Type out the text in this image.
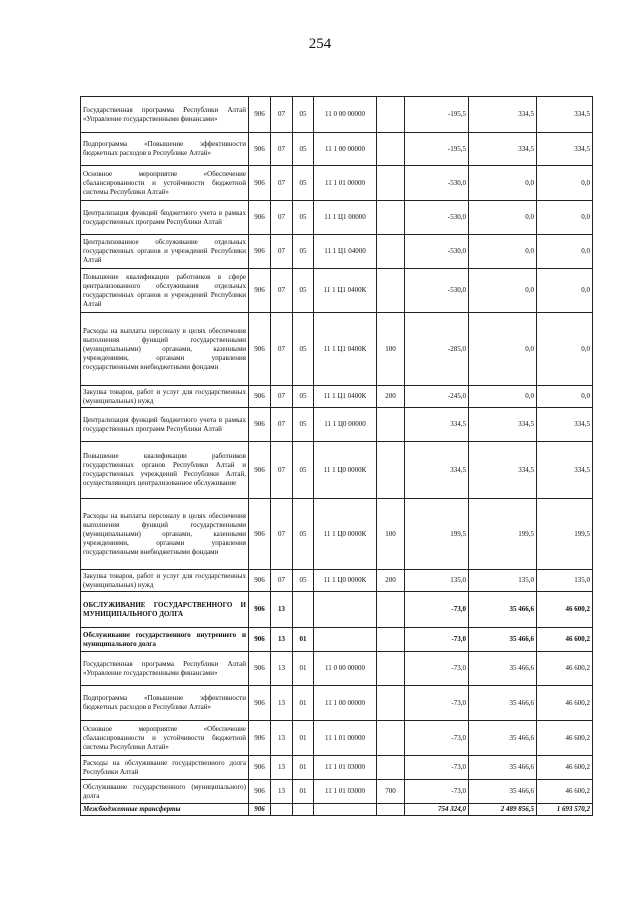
254
Государственная программа Республики Алтай «Управление государственными финансами»	906	07	05	11 0 00 00000		-195,5	334,5	334,5
Подпрограмма «Повышение эффективности бюджетных расходов в Республике Алтай»	906	07	05	11 1 00 00000		-195,5	334,5	334,5
Основное мероприятие «Обеспечение сбалансированности и устойчивости бюджетной системы Республики Алтай»	906	07	05	11 1 01 00000		-530,0	0,0	0,0
Централизация функций бюджетного учета в рамках государственных программ Республики Алтай	906	07	05	11 1 Ц1 00000		-530,0	0,0	0,0
Централизованное обслуживание отдельных государственных органов и учреждений Республики Алтай	906	07	05	11 1 Ц1 04000		-530,0	0,0	0,0
Повышение квалификации работников в сфере централизованного обслуживания отдельных государственных органов и учреждений Республики Алтай	906	07	05	11 1 Ц1 0400К		-530,0	0,0	0,0
Расходы на выплаты персоналу в целях обеспечения выполнения функций государственными (муниципальными) органами, казенными учреждениями, органами управления государственными внебюджетными фондами	906	07	05	11 1 Ц1 0400К	100	-285,0	0,0	0,0
Закупка товаров, работ и услуг для государственных (муниципальных) нужд	906	07	05	11 1 Ц1 0400К	200	-245,0	0,0	0,0
Централизация функций бюджетного учета в рамках государственных программ Республики Алтай	906	07	05	11 1 Ц0 00000		334,5	334,5	334,5
Повышение квалификации работников государственных органов Республики Алтай и государственных учреждений Республики Алтай, осуществляющих централизованное обслуживание	906	07	05	11 1 Ц0 0000К		334,5	334,5	334,5
Расходы на выплаты персоналу в целях обеспечения выполнения функций государственными (муниципальными) органами, казенными учреждениями, органами управления государственными внебюджетными фондами	906	07	05	11 1 Ц0 0000К	100	199,5	199,5	199,5
Закупка товаров, работ и услуг для государственных (муниципальных) нужд	906	07	05	11 1 Ц0 0000К	200	135,0	135,0	135,0
ОБСЛУЖИВАНИЕ ГОСУДАРСТВЕННОГО И МУНИЦИПАЛЬНОГО ДОЛГА	906	13				-73,0	35 466,6	46 600,2
Обслуживание государственного внутреннего и муниципального долга	906	13	01			-73,0	35 466,6	46 600,2
Государственная программа Республики Алтай «Управление государственными финансами»	906	13	01	11 0 00 00000		-73,0	35 466,6	46 600,2
Подпрограмма «Повышение эффективности бюджетных расходов в Республике Алтай»	906	13	01	11 1 00 00000		-73,0	35 466,6	46 600,2
Основное мероприятие «Обеспечение сбалансированности и устойчивости бюджетной системы Республики Алтай»	906	13	01	11 1 01 00000		-73,0	35 466,6	46 600,2
Расходы на обслуживание государственного долга Республики Алтай	906	13	01	11 1 01 03000		-73,0	35 466,6	46 600,2
Обслуживание государственного (муниципального) долга	906	13	01	11 1 01 03000	700	-73,0	35 466,6	46 600,2
Межбюджетные трансферты	906					754 324,0	2 489 856,5	1 693 570,2
